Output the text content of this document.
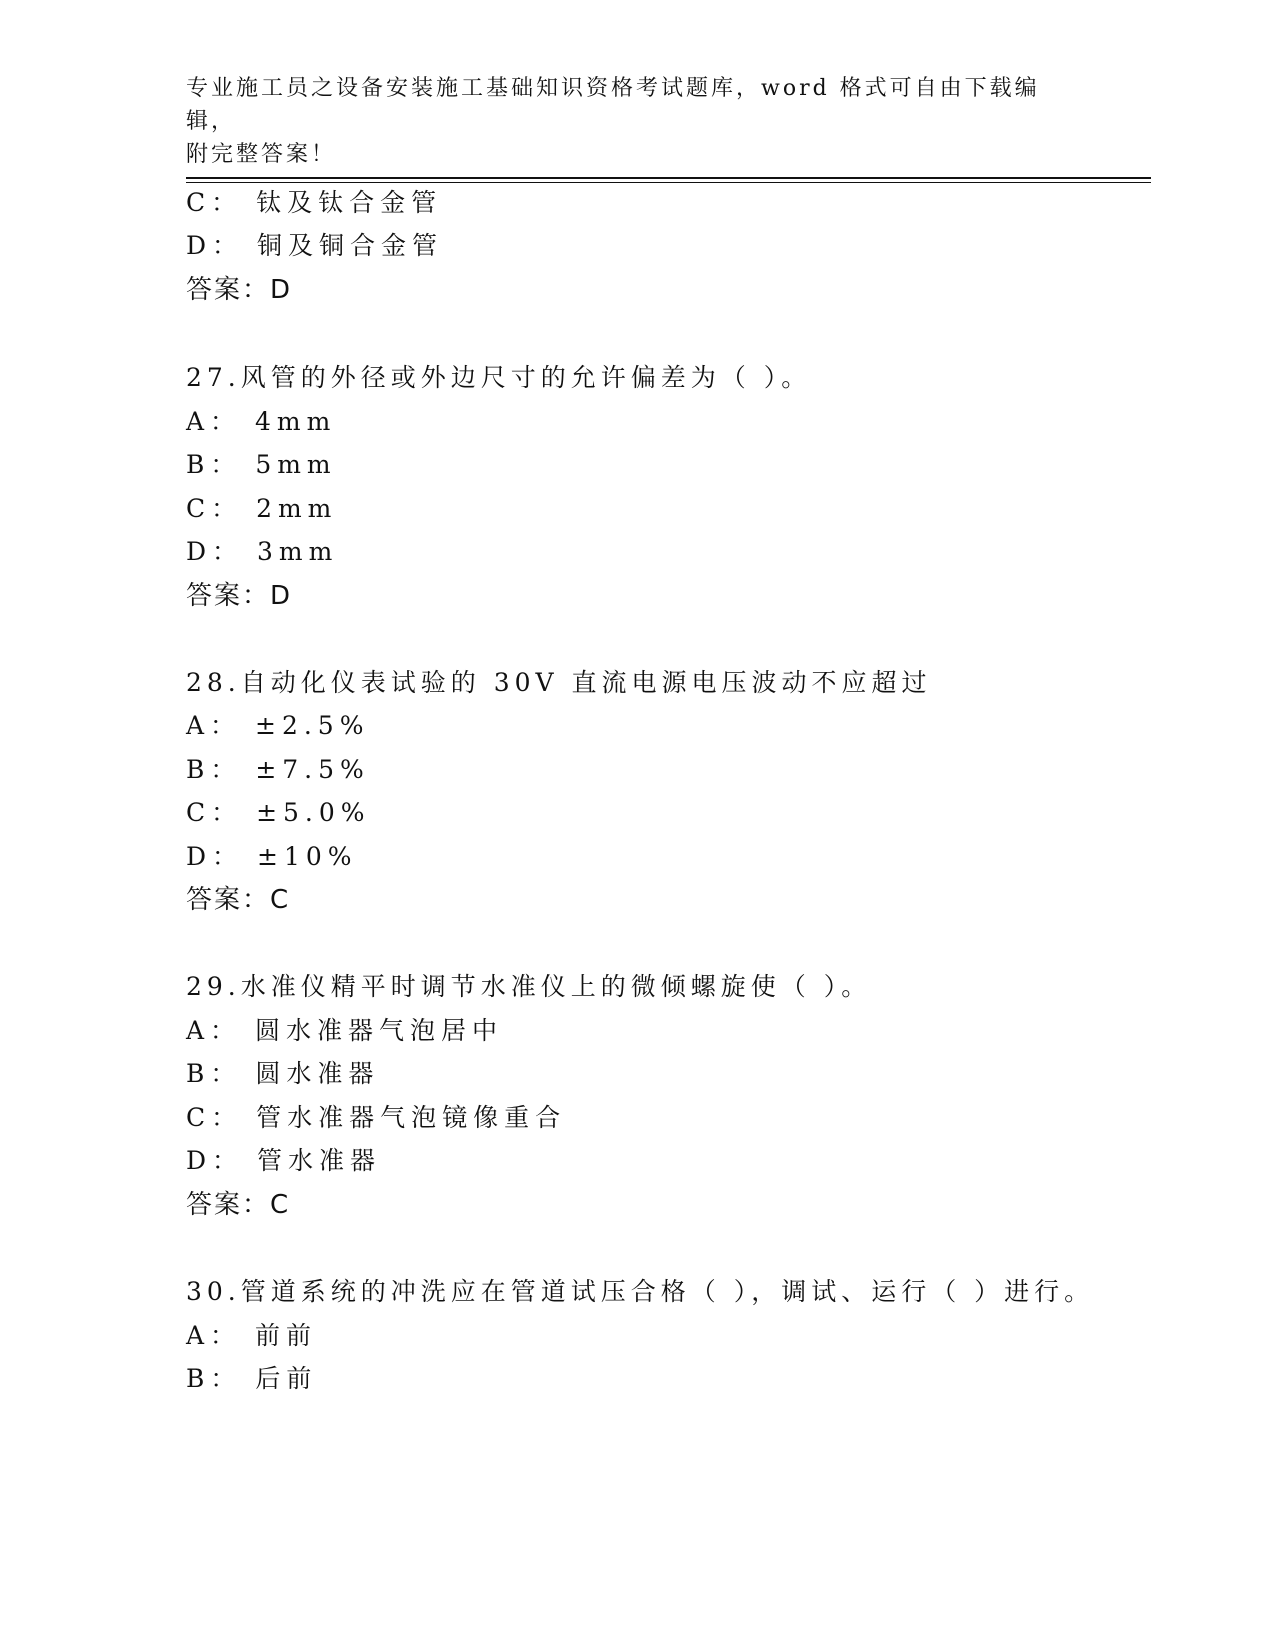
专业施工员之设备安装施工基础知识资格考试题库，word 格式可自由下载编辑，
附完整答案！
C： 钛及钛合金管
D： 铜及铜合金管
答案：D
27.风管的外径或外边尺寸的允许偏差为（ ）。
A： 4mm
B： 5mm
C： 2mm
D： 3mm
答案：D
28.自动化仪表试验的 30V 直流电源电压波动不应超过
A： ±2.5%
B： ±7.5%
C： ±5.0%
D： ±10%
答案：C
29.水准仪精平时调节水准仪上的微倾螺旋使（ ）。
A： 圆水准器气泡居中
B： 圆水准器
C： 管水准器气泡镜像重合
D： 管水准器
答案：C
30.管道系统的冲洗应在管道试压合格（ ），调试、运行（ ）进行。
A： 前前
B： 后前
